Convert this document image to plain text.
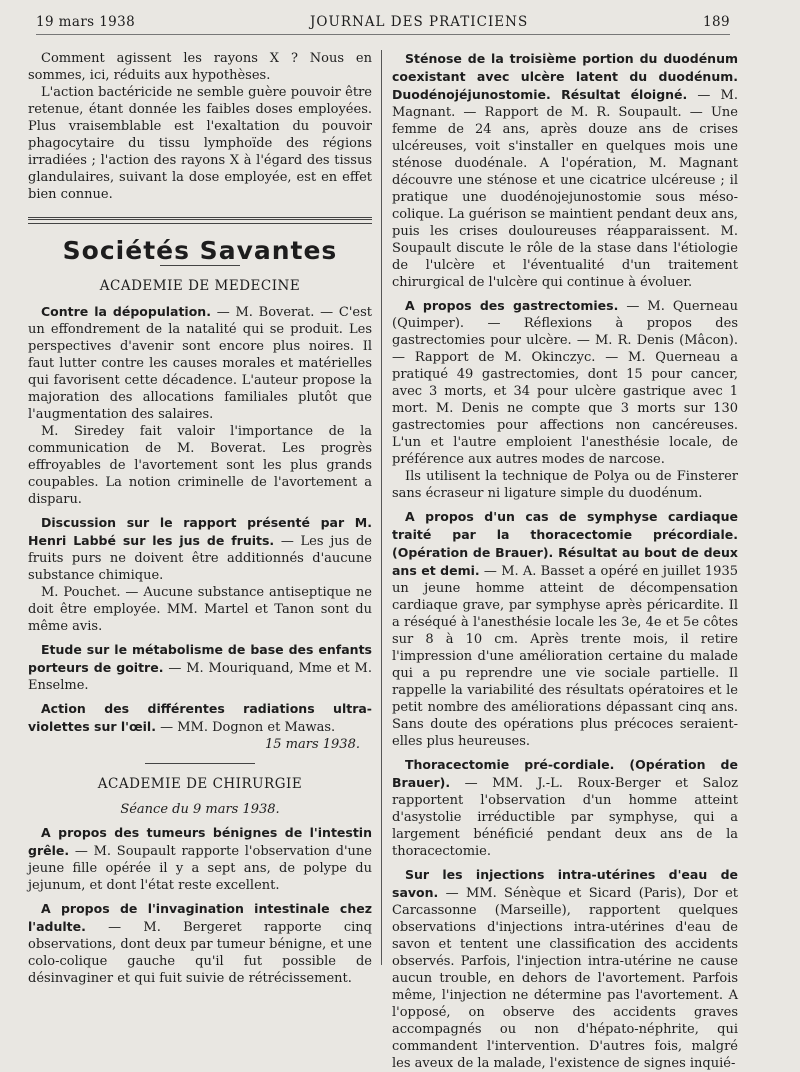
19 mars 1938	JOURNAL DES PRATICIENS	189

Comment agissent les rayons X ? Nous en sommes, ici, réduits aux hypothèses.

L'action bactéricide ne semble guère pouvoir être retenue, étant donnée les faibles doses employées. Plus vraisemblable est l'exaltation du pouvoir phagocytaire du tissu lymphoïde des régions irradiées ; l'action des rayons X à l'égard des tissus glandulaires, suivant la dose employée, est en effet bien connue.

Sociétés Savantes
ACADEMIE DE MEDECINE

Contre la dépopulation. — M. Boverat. — C'est un effondrement de la natalité qui se produit. Les perspectives d'avenir sont encore plus noires. Il faut lutter contre les causes morales et matérielles qui favorisent cette décadence. L'auteur propose la majoration des allocations familiales plutôt que l'augmentation des salaires.

M. Siredey fait valoir l'importance de la communication de M. Boverat. Les progrès effroyables de l'avortement sont les plus grands coupables. La notion criminelle de l'avortement a disparu.

Discussion sur le rapport présenté par M. Henri Labbé sur les jus de fruits. — Les jus de fruits purs ne doivent être additionnés d'aucune substance chimique.

M. Pouchet. — Aucune substance antiseptique ne doit être employée. MM. Martel et Tanon sont du même avis.

Etude sur le métabolisme de base des enfants porteurs de goitre. — M. Mouriquand, Mme et M. Enselme.

Action des différentes radiations ultra-violettes sur l'œil. — MM. Dognon et Mawas.

15 mars 1938.
ACADEMIE DE CHIRURGIE
Séance du 9 mars 1938.

A propos des tumeurs bénignes de l'intestin grêle. — M. Soupault rapporte l'observation d'une jeune fille opérée il y a sept ans, de polype du jejunum, et dont l'état reste excellent.

A propos de l'invagination intestinale chez l'adulte. — M. Bergeret rapporte cinq observations, dont deux par tumeur bénigne, et une colo-colique gauche qu'il fut possible de désinvaginer et qui fuit suivie de rétrécissement.

Sténose de la troisième portion du duodénum coexistant avec ulcère latent du duodénum. Duodénojéjunostomie. Résultat éloigné. — M. Magnant. — Rapport de M. R. Soupault. — Une femme de 24 ans, après douze ans de crises ulcéreuses, voit s'installer en quelques mois une sténose duodénale. A l'opération, M. Magnant découvre une sténose et une cicatrice ulcéreuse ; il pratique une duodénojejunostomie sous méso-colique. La guérison se maintient pendant deux ans, puis les crises douloureuses réapparaissent. M. Soupault discute le rôle de la stase dans l'étiologie de l'ulcère et l'éventualité d'un traitement chirurgical de l'ulcère qui continue à évoluer.

A propos des gastrectomies. — M. Querneau (Quimper). — Réflexions à propos des gastrectomies pour ulcère. — M. R. Denis (Mâcon). — Rapport de M. Okinczyc. — M. Querneau a pratiqué 49 gastrectomies, dont 15 pour cancer, avec 3 morts, et 34 pour ulcère gastrique avec 1 mort. M. Denis ne compte que 3 morts sur 130 gastrectomies pour affections non cancéreuses. L'un et l'autre emploient l'anesthésie locale, de préférence aux autres modes de narcose.

Ils utilisent la technique de Polya ou de Finsterer sans écraseur ni ligature simple du duodénum.

A propos d'un cas de symphyse cardiaque traité par la thoracectomie précordiale. (Opération de Brauer). Résultat au bout de deux ans et demi. — M. A. Basset a opéré en juillet 1935 un jeune homme atteint de décompensation cardiaque grave, par symphyse après péricardite. Il a réséqué à l'anesthésie locale les 3e, 4e et 5e côtes sur 8 à 10 cm. Après trente mois, il retire l'impression d'une amélioration certaine du malade qui a pu reprendre une vie sociale partielle. Il rappelle la variabilité des résultats opératoires et le petit nombre des améliorations dépassant cinq ans. Sans doute des opérations plus précoces seraient-elles plus heureuses.

Thoracectomie pré-cordiale. (Opération de Brauer). — MM. J.-L. Roux-Berger et Saloz rapportent l'observation d'un homme atteint d'asystolie irréductible par symphyse, qui a largement bénéficié pendant deux ans de la thoracectomie.

Sur les injections intra-utérines d'eau de savon. — MM. Sénèque et Sicard (Paris), Dor et Carcassonne (Marseille), rapportent quelques observations d'injections intra-utérines d'eau de savon et tentent une classification des accidents observés. Parfois, l'injection intra-utérine ne cause aucun trouble, en dehors de l'avortement. Parfois même, l'injection ne détermine pas l'avortement. A l'opposé, on observe des accidents graves accompagnés ou non d'hépato-néphrite, qui commandent l'intervention. D'autres fois, malgré les aveux de la malade, l'existence de signes inquié-
